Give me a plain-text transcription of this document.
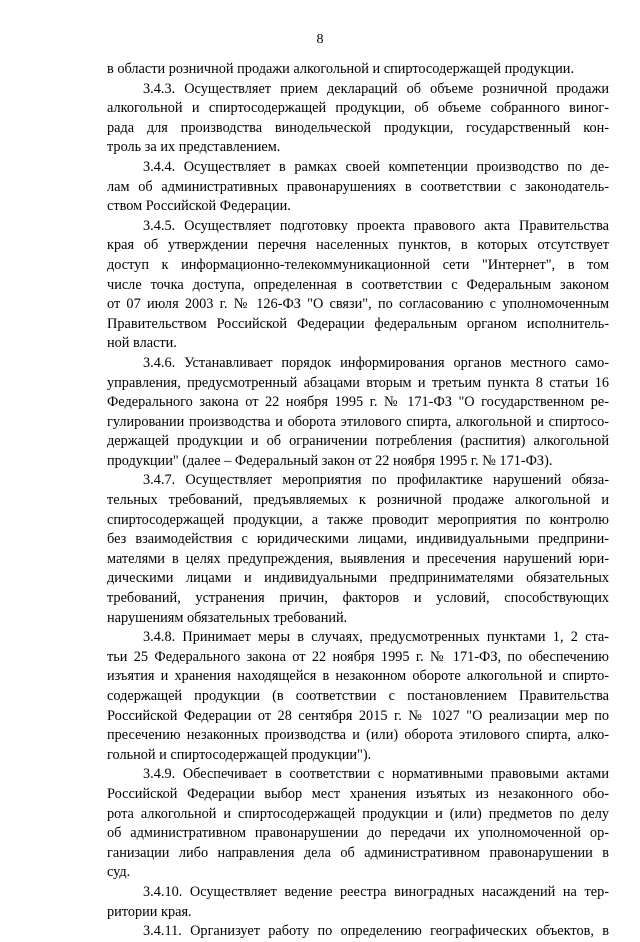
8
в области розничной продажи алкогольной и спиртосодержащей продукции.
3.4.3. Осуществляет прием деклараций об объеме розничной продажи
алкогольной и спиртосодержащей продукции, об объеме собранного виног-
рада для производства винодельческой продукции, государственный кон-
троль за их представлением.
3.4.4. Осуществляет в рамках своей компетенции производство по де-
лам об административных правонарушениях в соответствии с законодатель-
ством Российской Федерации.
3.4.5. Осуществляет подготовку проекта правового акта Правительства
края об утверждении перечня населенных пунктов, в которых отсутствует
доступ к информационно-телекоммуникационной сети "Интернет", в том
числе точка доступа, определенная в соответствии с Федеральным законом
от 07 июля 2003 г. № 126-ФЗ "О связи", по согласованию с уполномоченным
Правительством Российской Федерации федеральным органом исполнитель-
ной власти.
3.4.6. Устанавливает порядок информирования органов местного само-
управления, предусмотренный абзацами вторым и третьим пункта 8 статьи 16
Федерального закона от 22 ноября 1995 г. № 171-ФЗ "О государственном ре-
гулировании производства и оборота этилового спирта, алкогольной и спиртосо-
держащей продукции и об ограничении потребления (распития) алкогольной
продукции" (далее – Федеральный закон от 22 ноября 1995 г. № 171-ФЗ).
3.4.7. Осуществляет мероприятия по профилактике нарушений обяза-
тельных требований, предъявляемых к розничной продаже алкогольной и
спиртосодержащей продукции, а также проводит мероприятия по контролю
без взаимодействия с юридическими лицами, индивидуальными предприни-
мателями в целях предупреждения, выявления и пресечения нарушений юри-
дическими лицами и индивидуальными предпринимателями обязательных
требований, устранения причин, факторов и условий, способствующих
нарушениям обязательных требований.
3.4.8. Принимает меры в случаях, предусмотренных пунктами 1, 2 ста-
тьи 25 Федерального закона от 22 ноября 1995 г. № 171-ФЗ, по обеспечению
изъятия и хранения находящейся в незаконном обороте алкогольной и спирто-
содержащей продукции (в соответствии с постановлением Правительства
Российской Федерации от 28 сентября 2015 г. № 1027 "О реализации мер по
пресечению незаконных производства и (или) оборота этилового спирта, алко-
гольной и спиртосодержащей продукции").
3.4.9. Обеспечивает в соответствии с нормативными правовыми актами
Российской Федерации выбор мест хранения изъятых из незаконного обо-
рота алкогольной и спиртосодержащей продукции и (или) предметов по делу
об административном правонарушении до передачи их уполномоченной ор-
ганизации либо направления дела об административном правонарушении в
суд.
3.4.10. Осуществляет ведение реестра виноградных насаждений на тер-
ритории края.
3.4.11. Организует работу по определению географических объектов, в
